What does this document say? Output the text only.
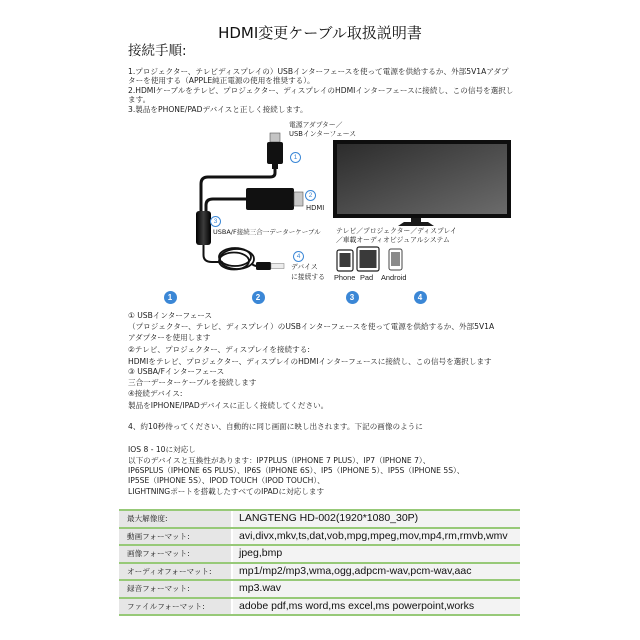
HDMI変更ケーブル取扱説明書
接続手順:
1.プロジェクター、テレビディスプレイの）USBインターフェースを使って電源を供給するか、外部5V1Aアダプ
ターを使用する（APPLE純正電源の使用を推奨する）。
2.HDMIケーブルをテレビ、プロジェクター、ディスプレイのHDMIインターフェースに接続し、この信号を選択し
ます。
3.製品をPHONE/PADデバイスと正しく接続します。
電源アダプター／
USBインターフェース
HDMI
USBA/F接続三合一データーケーブル
デバイス
に接続する
テレビ／プロジェクター／ディスプレイ
／車載オーディオビジュアルシステム
Phone Pad Android
1
2
3
4
1	2	3	4
① USBインターフェース
（プロジェクター、テレビ、ディスプレイ）のUSBインターフェースを使って電源を供給するか、外部5V1A
アダプターを使用します
②テレビ、プロジェクター、ディスプレイを接続する:
HDMIをテレビ、プロジェクター、ディスプレイのHDMIインターフェースに接続し、この信号を選択します
③ USBA/Fインターフェース
三合一データーケーブルを接続します
④接続デバイス:
製品をIPHONE/IPADデバイスに正しく接続してください。
4、約10秒待ってください、自動的に同じ画面に映し出されます。下記の画像のように
IOS 8 - 10に対応し
以下のデバイスと互換性があります：IP7PLUS（IPHONE 7 PLUS）、IP7（IPHONE 7）、
IP6SPLUS（IPHONE 6S PLUS）、IP6S（IPHONE 6S）、IP5（IPHONE 5）、IP5S（IPHONE 5S）、
IP5SE（IPHONE 5S）、IPOD TOUCH（IPOD TOUCH）、
LIGHTNINGポートを搭載したすべてのIPADに対応します
最大解像度:	LANGTENG HD-002(1920*1080_30P)
動画フォーマット:	avi,divx,mkv,ts,dat,vob,mpg,mpeg,mov,mp4,rm,rmvb,wmv
画像フォーマット:	jpeg,bmp
オーディオフォーマット:	mp1/mp2/mp3,wma,ogg,adpcm-wav,pcm-wav,aac
録音フォーマット:	mp3.wav
ファイルフォーマット:	adobe pdf,ms word,ms excel,ms powerpoint,works
